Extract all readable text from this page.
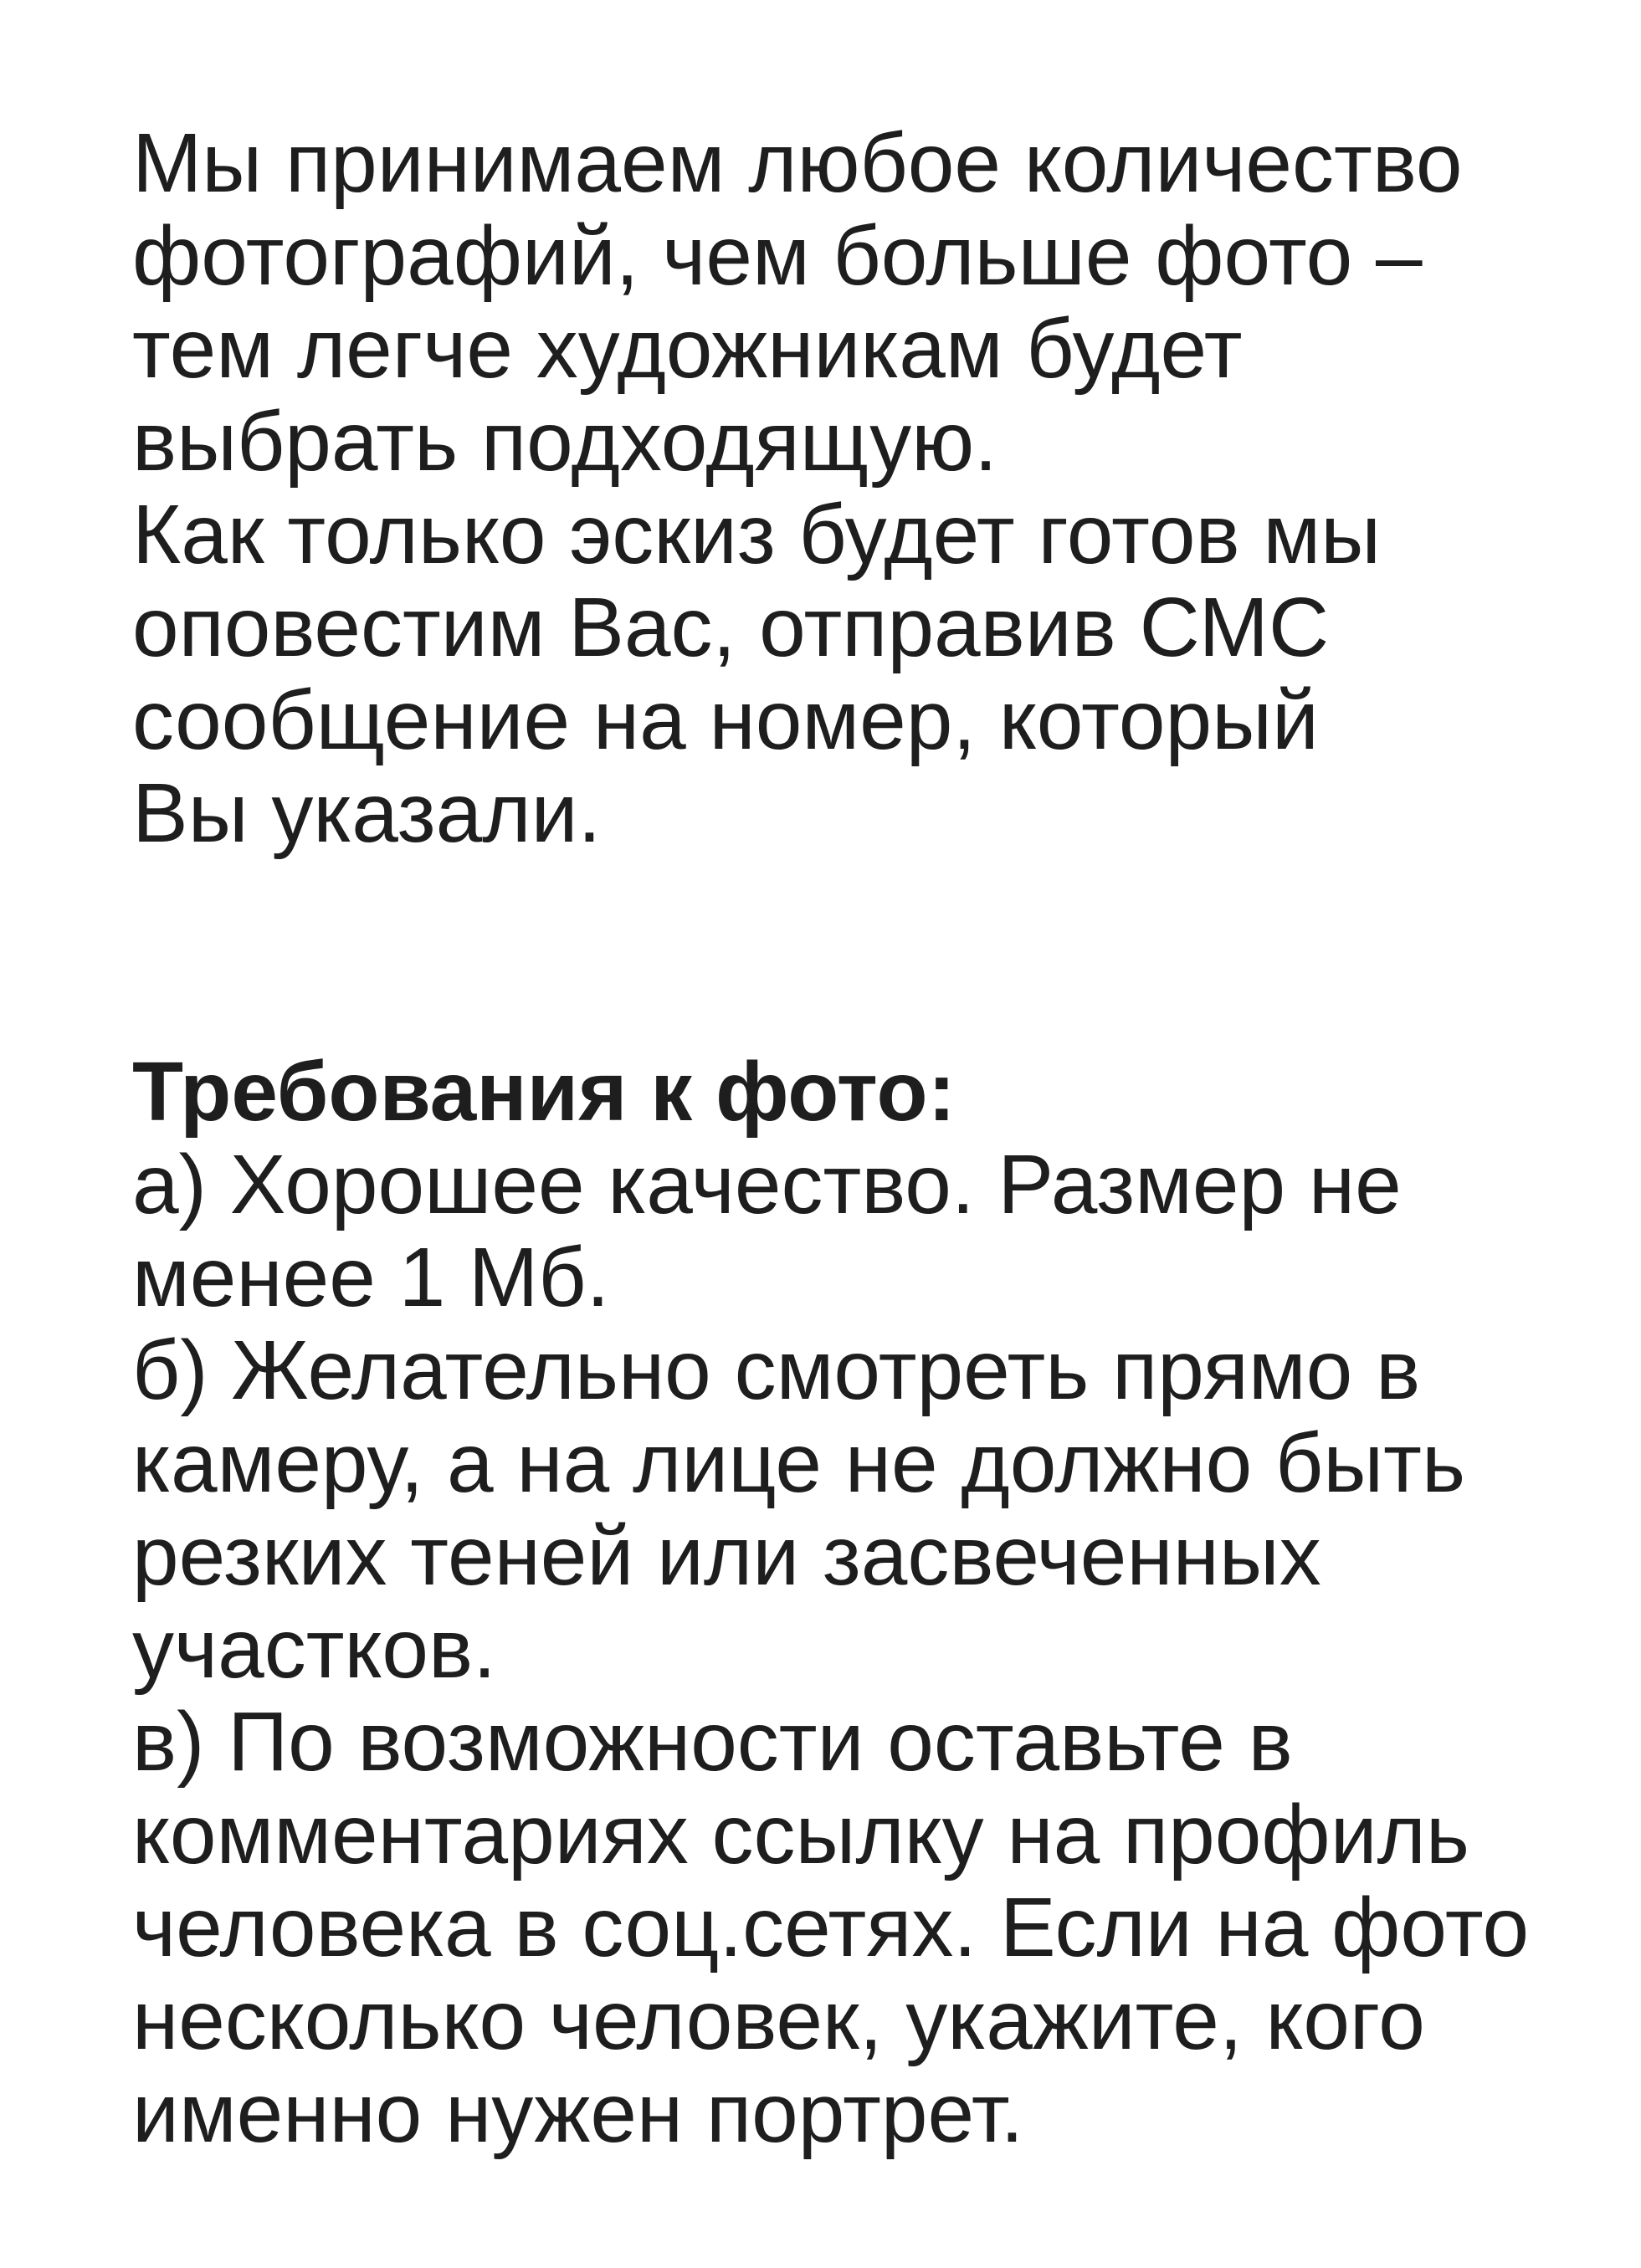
Мы принимаем любое количество
фотографий, чем больше фото –
тем легче художникам будет
выбрать подходящую.
Как только эскиз будет готов мы
оповестим Вас, отправив СМС
сообщение на номер, который
Вы указали.
Требования к фото:
а) Хорошее качество. Размер не
менее 1 Мб.
б) Желательно смотреть прямо в
камеру, а на лице не должно быть
резких теней или засвеченных
участков.
в) По возможности оставьте в
комментариях ссылку на профиль
человека в соц.сетях. Если на фото
несколько человек, укажите, кого
именно нужен портрет.
